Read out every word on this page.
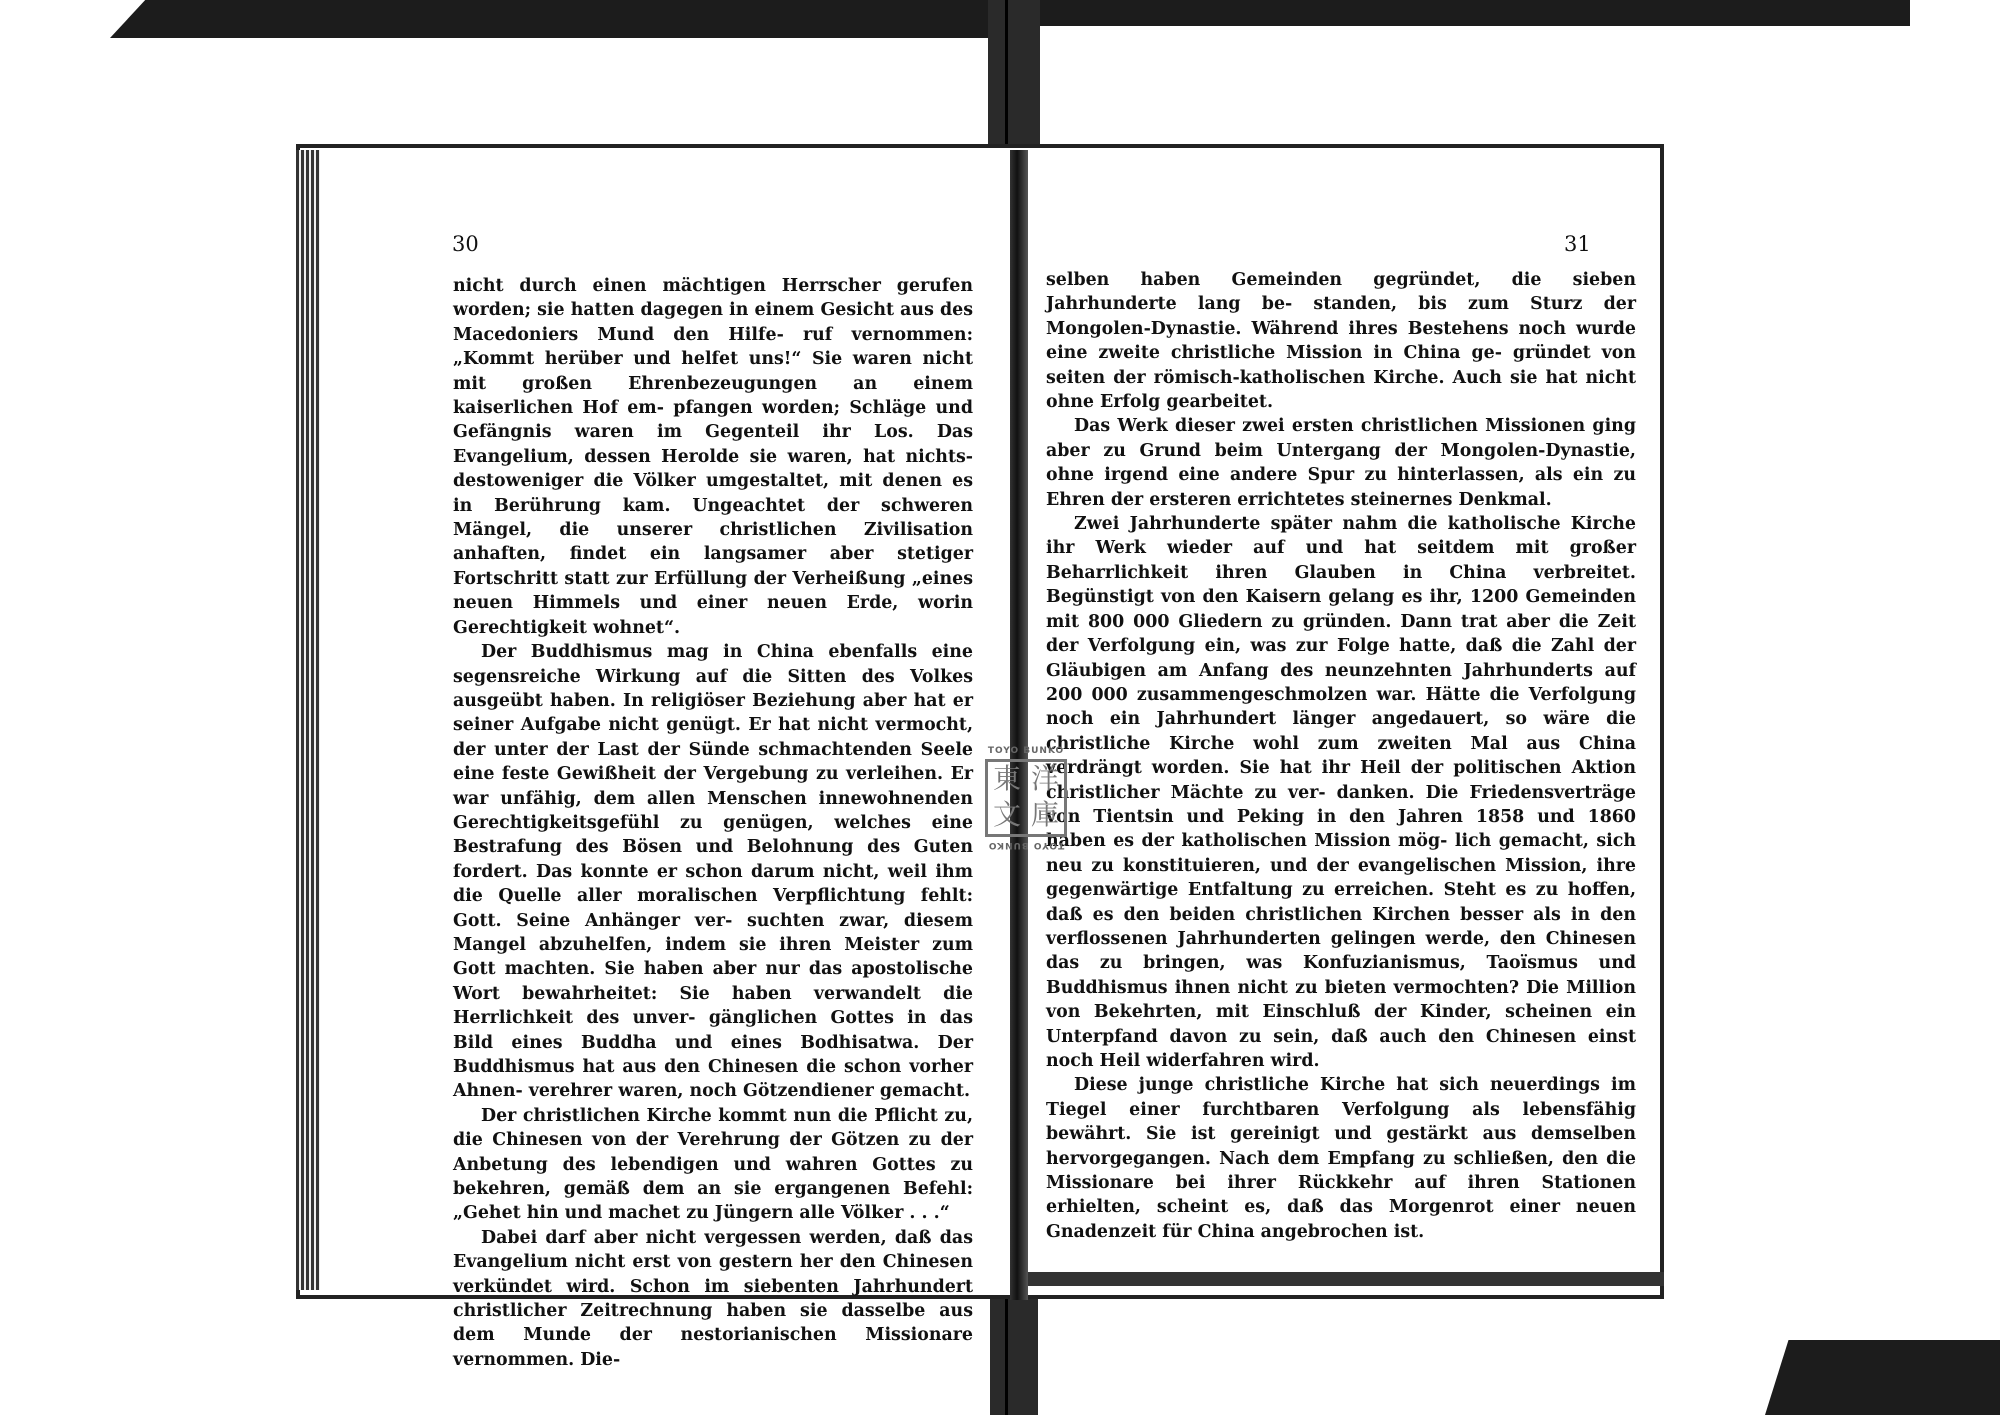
30

nicht durch einen mächtigen Herrscher gerufen worden; sie hatten dagegen in einem Gesicht aus des Macedoniers Mund den Hilfe- ruf vernommen: „Kommt herüber und helfet uns!“ Sie waren nicht mit großen Ehrenbezeugungen an einem kaiserlichen Hof em- pfangen worden; Schläge und Gefängnis waren im Gegenteil ihr Los. Das Evangelium, dessen Herolde sie waren, hat nichts- destoweniger die Völker umgestaltet, mit denen es in Berührung kam. Ungeachtet der schweren Mängel, die unserer christlichen Zivilisation anhaften, findet ein langsamer aber stetiger Fortschritt statt zur Erfüllung der Verheißung „eines neuen Himmels und einer neuen Erde, worin Gerechtigkeit wohnet“.

Der Buddhismus mag in China ebenfalls eine segensreiche Wirkung auf die Sitten des Volkes ausgeübt haben. In religiöser Beziehung aber hat er seiner Aufgabe nicht genügt. Er hat nicht vermocht, der unter der Last der Sünde schmachtenden Seele eine feste Gewißheit der Vergebung zu verleihen. Er war unfähig, dem allen Menschen innewohnenden Gerechtigkeitsgefühl zu genügen, welches eine Bestrafung des Bösen und Belohnung des Guten fordert. Das konnte er schon darum nicht, weil ihm die Quelle aller moralischen Verpflichtung fehlt: Gott. Seine Anhänger ver- suchten zwar, diesem Mangel abzuhelfen, indem sie ihren Meister zum Gott machten. Sie haben aber nur das apostolische Wort bewahrheitet: Sie haben verwandelt die Herrlichkeit des unver- gänglichen Gottes in das Bild eines Buddha und eines Bodhisatwa. Der Buddhismus hat aus den Chinesen die schon vorher Ahnen- verehrer waren, noch Götzendiener gemacht.

Der christlichen Kirche kommt nun die Pflicht zu, die Chinesen von der Verehrung der Götzen zu der Anbetung des lebendigen und wahren Gottes zu bekehren, gemäß dem an sie ergangenen Befehl: „Gehet hin und machet zu Jüngern alle Völker . . .“

Dabei darf aber nicht vergessen werden, daß das Evangelium nicht erst von gestern her den Chinesen verkündet wird. Schon im siebenten Jahrhundert christlicher Zeitrechnung haben sie dasselbe aus dem Munde der nestorianischen Missionare vernommen. Die-

31

selben haben Gemeinden gegründet, die sieben Jahrhunderte lang be- standen, bis zum Sturz der Mongolen-Dynastie. Während ihres Bestehens noch wurde eine zweite christliche Mission in China ge- gründet von seiten der römisch-katholischen Kirche. Auch sie hat nicht ohne Erfolg gearbeitet.

Das Werk dieser zwei ersten christlichen Missionen ging aber zu Grund beim Untergang der Mongolen-Dynastie, ohne irgend eine andere Spur zu hinterlassen, als ein zu Ehren der ersteren errichtetes steinernes Denkmal.

Zwei Jahrhunderte später nahm die katholische Kirche ihr Werk wieder auf und hat seitdem mit großer Beharrlichkeit ihren Glauben in China verbreitet. Begünstigt von den Kaisern gelang es ihr, 1200 Gemeinden mit 800 000 Gliedern zu gründen. Dann trat aber die Zeit der Verfolgung ein, was zur Folge hatte, daß die Zahl der Gläubigen am Anfang des neunzehnten Jahrhunderts auf 200 000 zusammengeschmolzen war. Hätte die Verfolgung noch ein Jahrhundert länger angedauert, so wäre die christliche Kirche wohl zum zweiten Mal aus China verdrängt worden. Sie hat ihr Heil der politischen Aktion christlicher Mächte zu ver- danken. Die Friedensverträge von Tientsin und Peking in den Jahren 1858 und 1860 haben es der katholischen Mission mög- lich gemacht, sich neu zu konstituieren, und der evangelischen Mission, ihre gegenwärtige Entfaltung zu erreichen. Steht es zu hoffen, daß es den beiden christlichen Kirchen besser als in den verflossenen Jahrhunderten gelingen werde, den Chinesen das zu bringen, was Konfuzianismus, Taoïsmus und Buddhismus ihnen nicht zu bieten vermochten? Die Million von Bekehrten, mit Einschluß der Kinder, scheinen ein Unterpfand davon zu sein, daß auch den Chinesen einst noch Heil widerfahren wird.

Diese junge christliche Kirche hat sich neuerdings im Tiegel einer furchtbaren Verfolgung als lebensfähig bewährt. Sie ist gereinigt und gestärkt aus demselben hervorgegangen. Nach dem Empfang zu schließen, den die Missionare bei ihrer Rückkehr auf ihren Stationen erhielten, scheint es, daß das Morgenrot einer neuen Gnadenzeit für China angebrochen ist.

TOYO BUNKO
東 洋
文 庫
TOYO BUNKO
